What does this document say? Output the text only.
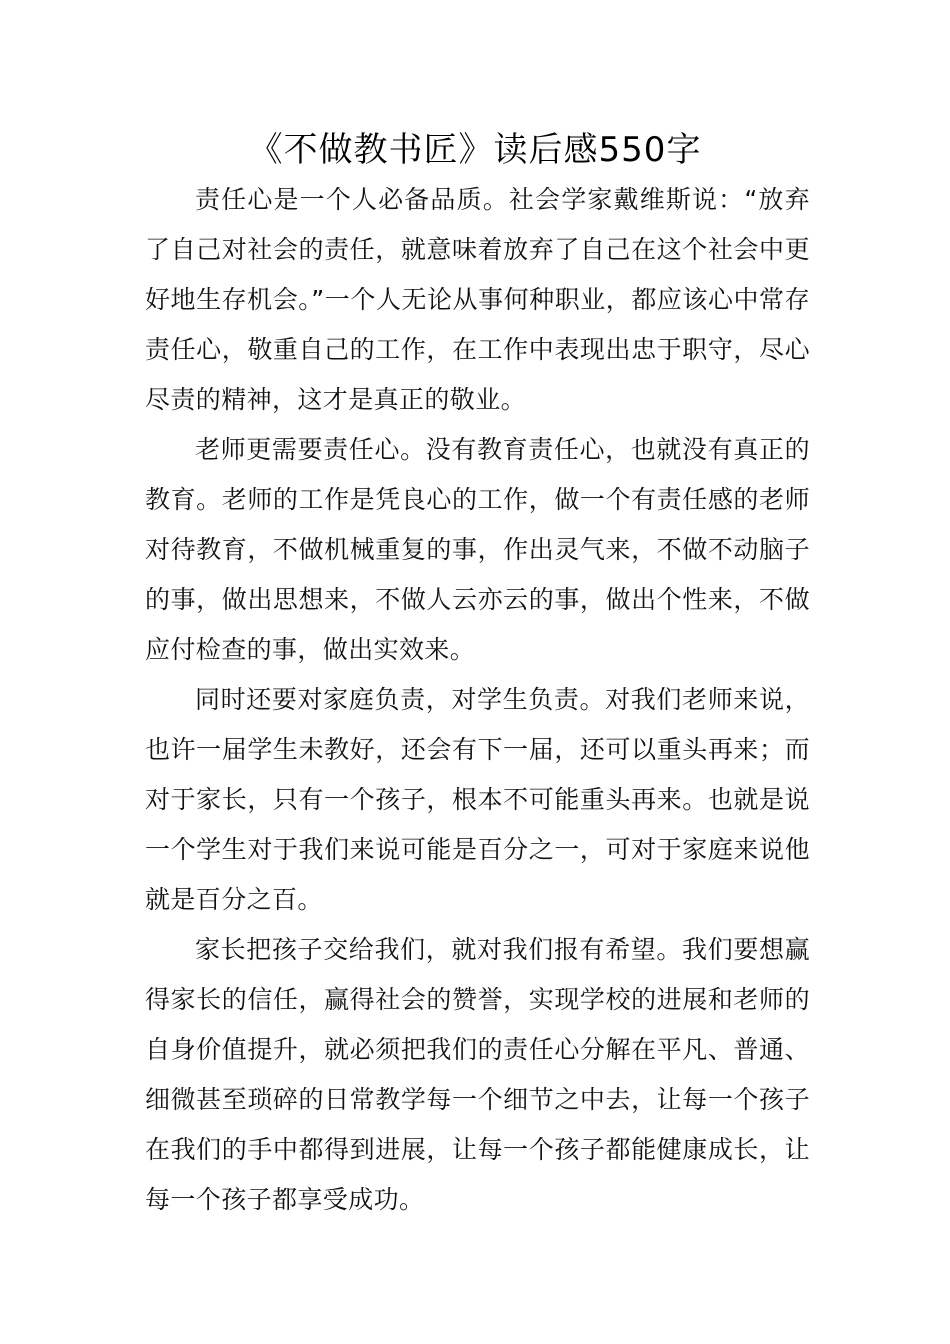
《不做教书匠》读后感550字

责任心是一个人必备品质。社会学家戴维斯说：“放弃了自己对社会的责任，就意味着放弃了自己在这个社会中更好地生存机会。”一个人无论从事何种职业，都应该心中常存责任心，敬重自己的工作，在工作中表现出忠于职守，尽心尽责的精神，这才是真正的敬业。

老师更需要责任心。没有教育责任心，也就没有真正的教育。老师的工作是凭良心的工作，做一个有责任感的老师对待教育，不做机械重复的事，作出灵气来，不做不动脑子的事，做出思想来，不做人云亦云的事，做出个性来，不做应付检查的事，做出实效来。

同时还要对家庭负责，对学生负责。对我们老师来说，也许一届学生未教好，还会有下一届，还可以重头再来；而对于家长，只有一个孩子，根本不可能重头再来。也就是说一个学生对于我们来说可能是百分之一，可对于家庭来说他就是百分之百。

家长把孩子交给我们，就对我们报有希望。我们要想赢得家长的信任，赢得社会的赞誉，实现学校的进展和老师的自身价值提升，就必须把我们的责任心分解在平凡、普通、细微甚至琐碎的日常教学每一个细节之中去，让每一个孩子在我们的手中都得到进展，让每一个孩子都能健康成长，让每一个孩子都享受成功。
